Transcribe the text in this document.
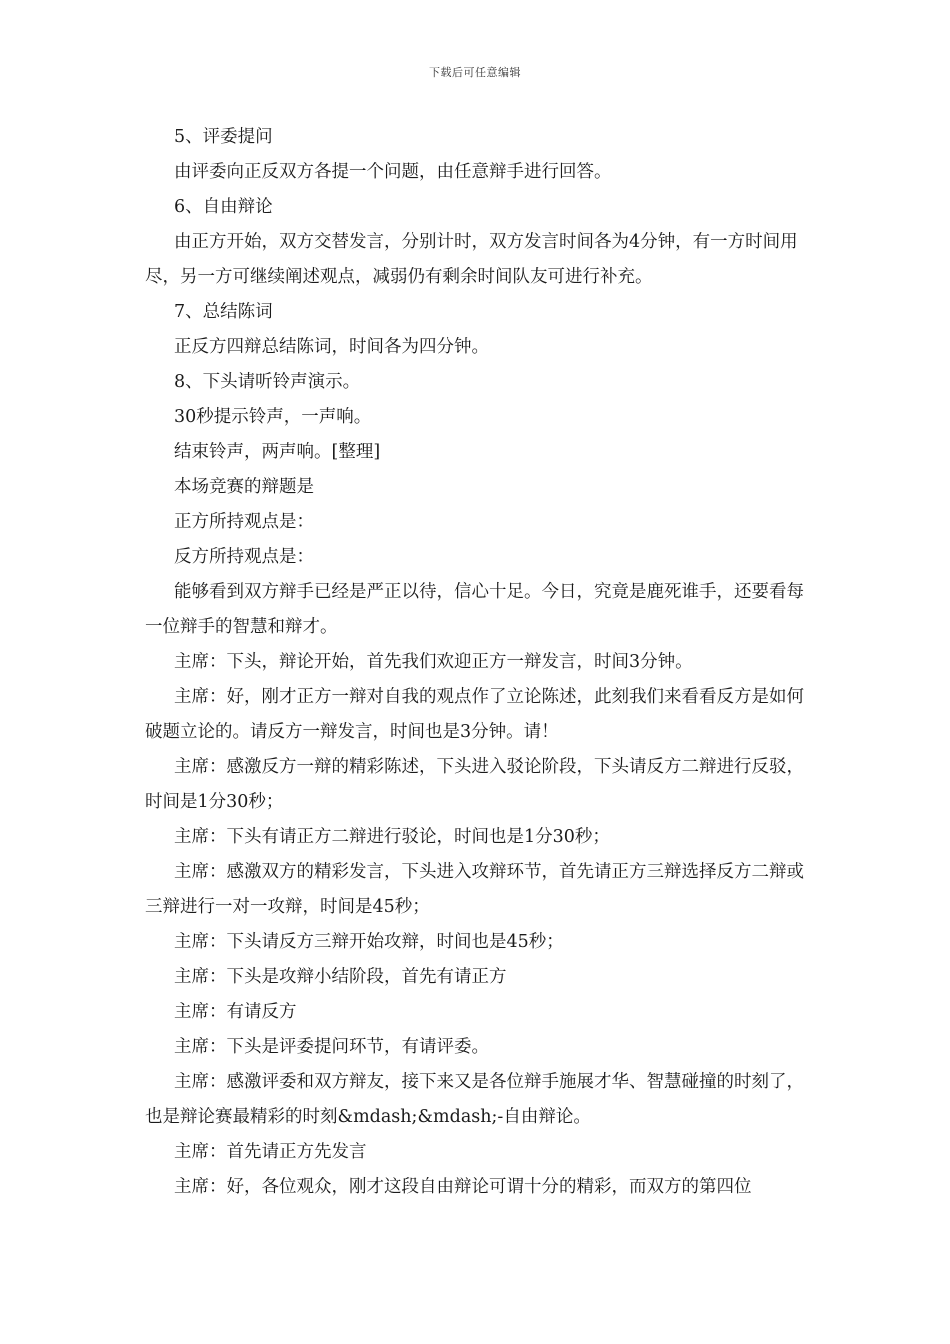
下载后可任意编辑

5、评委提问

由评委向正反双方各提一个问题，由任意辩手进行回答。

6、自由辩论

由正方开始，双方交替发言，分别计时，双方发言时间各为4分钟，有一方时间用尽，另一方可继续阐述观点，减弱仍有剩余时间队友可进行补充。

7、总结陈词

正反方四辩总结陈词，时间各为四分钟。

8、下头请听铃声演示。

30秒提示铃声，一声响。

结束铃声，两声响。[整理]

本场竞赛的辩题是

正方所持观点是：

反方所持观点是：

能够看到双方辩手已经是严正以待，信心十足。今日，究竟是鹿死谁手，还要看每一位辩手的智慧和辩才。

主席：下头，辩论开始，首先我们欢迎正方一辩发言，时间3分钟。

主席：好，刚才正方一辩对自我的观点作了立论陈述，此刻我们来看看反方是如何破题立论的。请反方一辩发言，时间也是3分钟。请！

主席：感激反方一辩的精彩陈述，下头进入驳论阶段，下头请反方二辩进行反驳，时间是1分30秒；

主席：下头有请正方二辩进行驳论，时间也是1分30秒；

主席：感激双方的精彩发言，下头进入攻辩环节，首先请正方三辩选择反方二辩或三辩进行一对一攻辩，时间是45秒；

主席：下头请反方三辩开始攻辩，时间也是45秒；

主席：下头是攻辩小结阶段，首先有请正方

主席：有请反方

主席：下头是评委提问环节，有请评委。

主席：感激评委和双方辩友，接下来又是各位辩手施展才华、智慧碰撞的时刻了，也是辩论赛最精彩的时刻&mdash;&mdash;-自由辩论。

主席：首先请正方先发言

主席：好，各位观众，刚才这段自由辩论可谓十分的精彩，而双方的第四位
